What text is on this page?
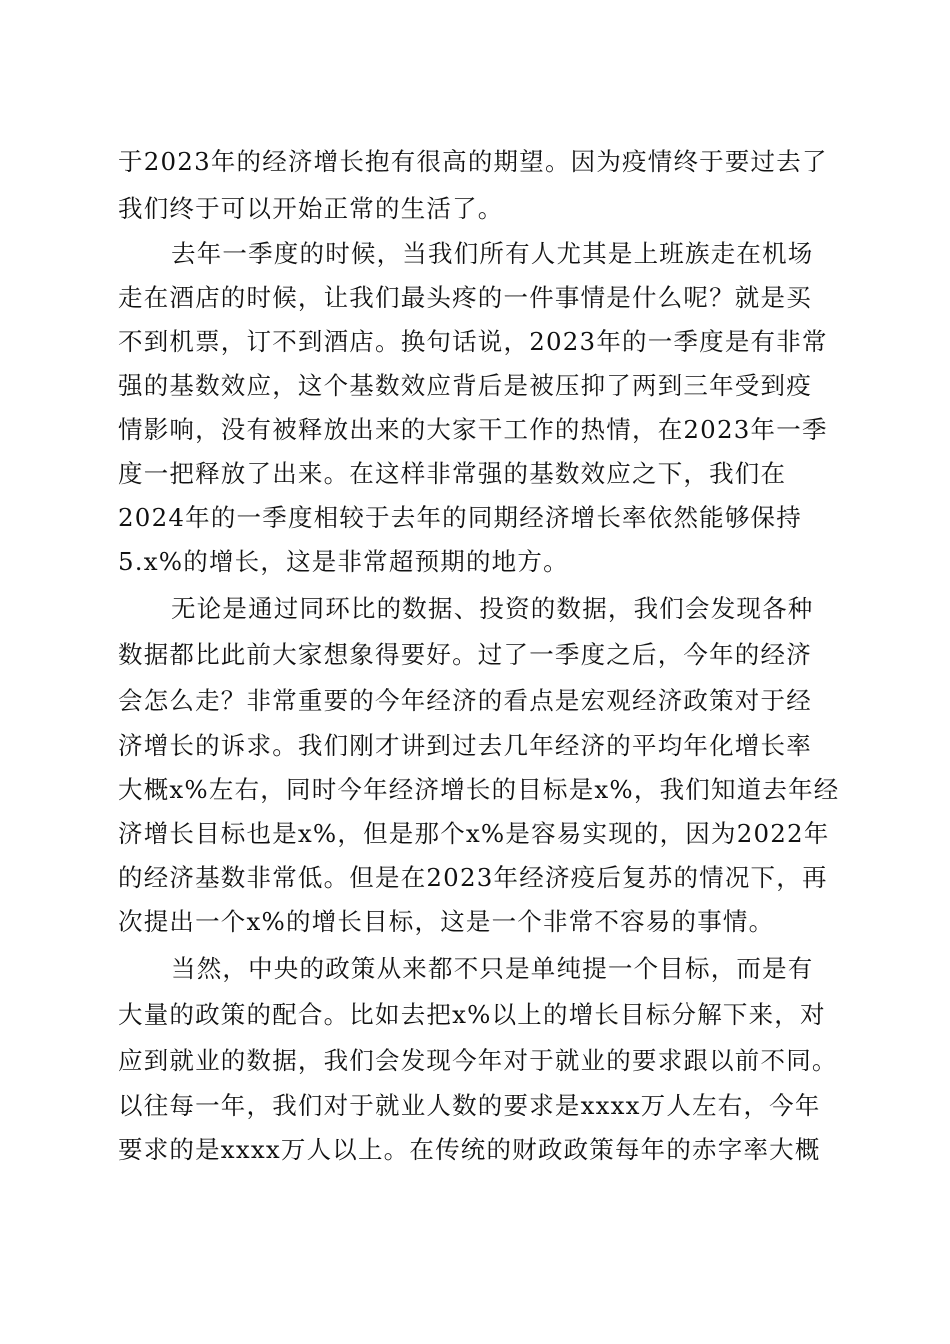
于2023年的经济增长抱有很高的期望。因为疫情终于要过去了
我们终于可以开始正常的生活了。
去年一季度的时候，当我们所有人尤其是上班族走在机场
走在酒店的时候，让我们最头疼的一件事情是什么呢？就是买
不到机票，订不到酒店。换句话说，2023年的一季度是有非常
强的基数效应，这个基数效应背后是被压抑了两到三年受到疫
情影响，没有被释放出来的大家干工作的热情，在2023年一季
度一把释放了出来。在这样非常强的基数效应之下，我们在
2024年的一季度相较于去年的同期经济增长率依然能够保持
5.x%的增长，这是非常超预期的地方。
无论是通过同环比的数据、投资的数据，我们会发现各种
数据都比此前大家想象得要好。过了一季度之后，今年的经济
会怎么走？非常重要的今年经济的看点是宏观经济政策对于经
济增长的诉求。我们刚才讲到过去几年经济的平均年化增长率
大概x%左右，同时今年经济增长的目标是x%，我们知道去年经
济增长目标也是x%，但是那个x%是容易实现的，因为2022年
的经济基数非常低。但是在2023年经济疫后复苏的情况下，再
次提出一个x%的增长目标，这是一个非常不容易的事情。
当然，中央的政策从来都不只是单纯提一个目标，而是有
大量的政策的配合。比如去把x%以上的增长目标分解下来，对
应到就业的数据，我们会发现今年对于就业的要求跟以前不同。
以往每一年，我们对于就业人数的要求是xxxx万人左右，今年
要求的是xxxx万人以上。在传统的财政政策每年的赤字率大概
